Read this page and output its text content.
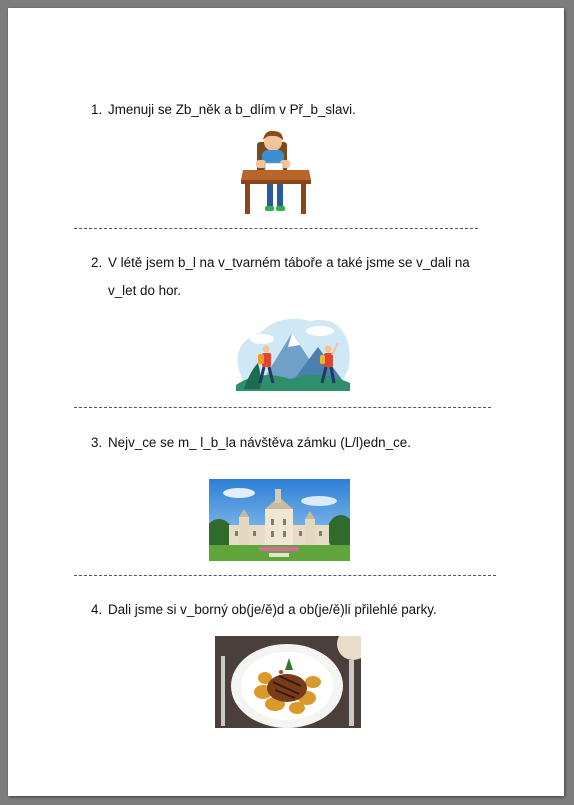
1. Jmenuji se Zb_něk a b_dlím v Př_b_slavi.
2. V létě jsem b_l na v_tvarném táboře a také jsme se v_dali na
v_let do hor.
3. Nejv_ce se m_ l_b_la návštěva zámku (L/l)edn_ce.
4. Dali jsme si v_borný ob(je/ě)d a ob(je/ě)li přilehlé parky.
